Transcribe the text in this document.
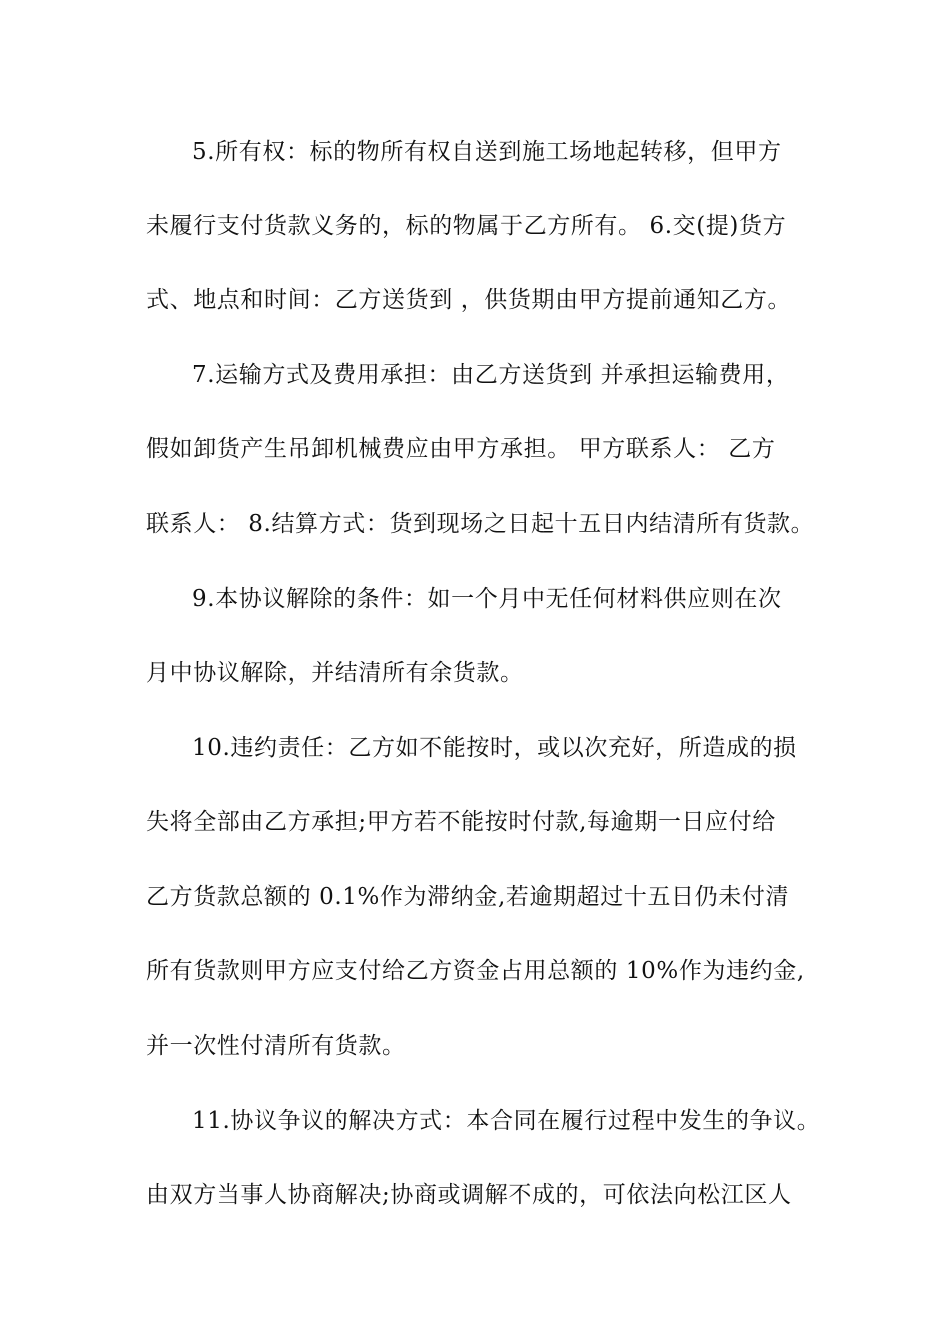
5.所有权：标的物所有权自送到施工场地起转移，但甲方
未履行支付货款义务的，标的物属于乙方所有。 6.交(提)货方
式、地点和时间：乙方送货到 ，供货期由甲方提前通知乙方。
7.运输方式及费用承担：由乙方送货到 并承担运输费用，
假如卸货产生吊卸机械费应由甲方承担。 甲方联系人： 乙方
联系人： 8.结算方式：货到现场之日起十五日内结清所有货款。
9.本协议解除的条件：如一个月中无任何材料供应则在次
月中协议解除，并结清所有余货款。
10.违约责任：乙方如不能按时，或以次充好，所造成的损
失将全部由乙方承担;甲方若不能按时付款,每逾期一日应付给
乙方货款总额的 0.1%作为滞纳金,若逾期超过十五日仍未付清
所有货款则甲方应支付给乙方资金占用总额的 10%作为违约金,
并一次性付清所有货款。
11.协议争议的解决方式：本合同在履行过程中发生的争议。
由双方当事人协商解决;协商或调解不成的，可依法向松江区人
